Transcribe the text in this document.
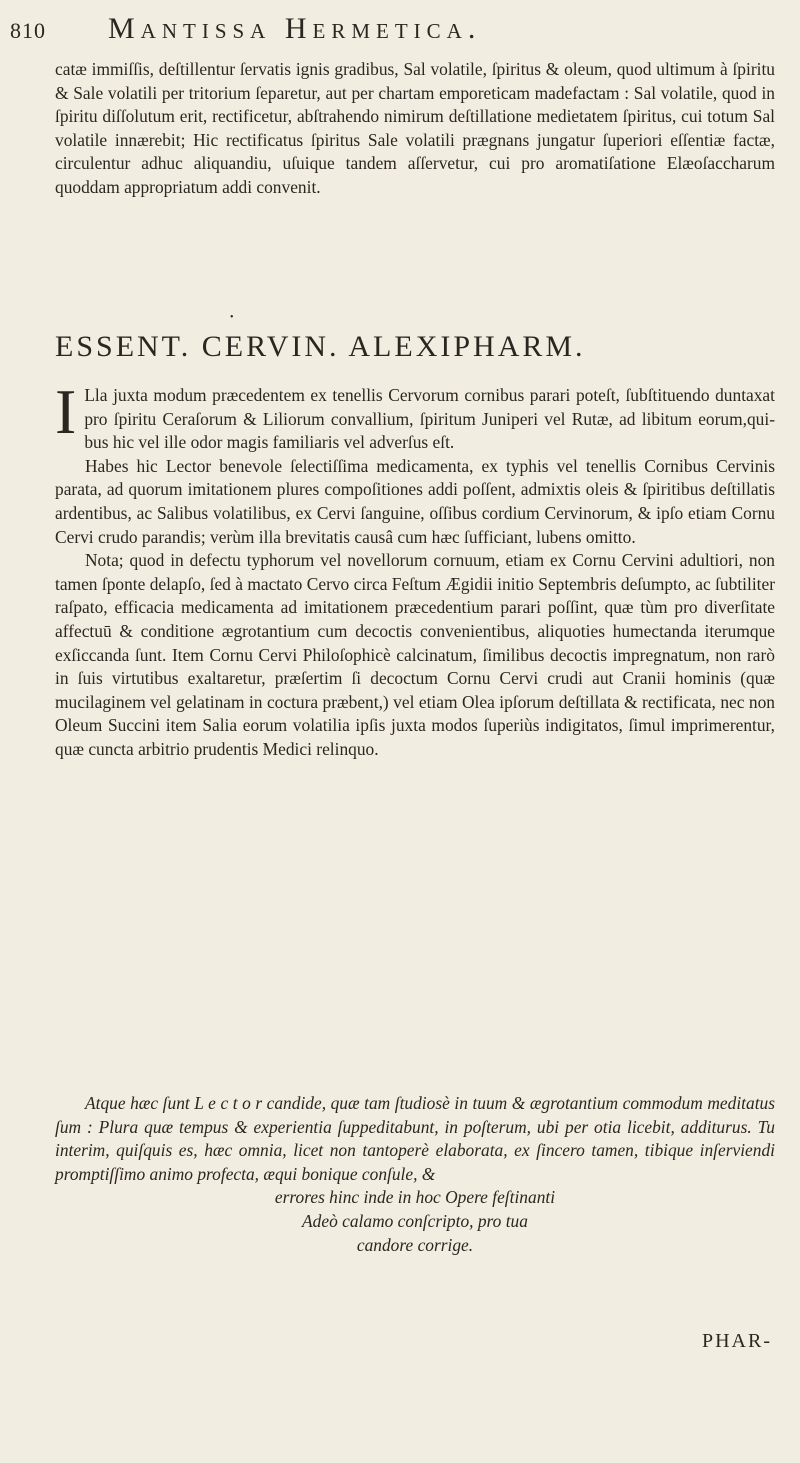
810 Mantissa Hermetica.

catæ immiſſis, deſtillentur ſervatis ignis gradibus, Sal volatile, ſpiritus & oleum, quod ultimum à ſpiritu & Sale volatili per tritorium ſeparetur, aut per chartam emporeticam madefactam : Sal volatile, quod in ſpiritu diſſolutum erit, rectificetur, abſtrahendo nimirum deſtillatione medietatem ſpiritus, cui totum Sal volatile innærebit; Hic rectificatus ſpiritus Sale volatili prægnans jungatur ſuperiori eſſentiæ factæ, circulentur adhuc aliquandiu, uſuique tandem aſſervetur, cui pro aromatiſatione Elæoſaccharum quoddam appropriatum addi convenit.

•
ESSENT. CERVIN. ALEXIPHARM.

I Lla juxta modum præcedentem ex tenellis Cervorum cornibus parari poteſt, ſubſtituendo duntaxat pro ſpiritu Ceraſorum & Liliorum convallium, ſpiritum Juniperi vel Rutæ, ad libitum eorum,qui-bus hic vel ille odor magis familiaris vel adverſus eſt.

Habes hic Lector benevole ſelectiſſima medicamenta, ex typhis vel tenellis Cornibus Cervinis parata, ad quorum imitationem plures compoſitiones addi poſſent, admixtis oleis & ſpiritibus deſtillatis ardentibus, ac Salibus volatilibus, ex Cervi ſanguine, oſſibus cordium Cervinorum, & ipſo etiam Cornu Cervi crudo parandis; verùm illa brevitatis causâ cum hæc ſufficiant, lubens omitto.

Nota; quod in defectu typhorum vel novellorum cornuum, etiam ex Cornu Cervini adultiori, non tamen ſponte delapſo, ſed à mactato Cervo circa Feſtum Ægidii initio Septembris deſumpto, ac ſubtiliter raſpato, efficacia medicamenta ad imitationem præcedentium parari poſſint, quæ tùm pro diverſitate affectuū & conditione ægrotantium cum decoctis convenientibus, aliquoties humectanda iterumque exſiccanda ſunt. Item Cornu Cervi Philoſophicè calcinatum, ſimilibus decoctis impregnatum, non rarò in ſuis virtutibus exaltaretur, præſertim ſi decoctum Cornu Cervi crudi aut Cranii hominis (quæ mucilaginem vel gelatinam in coctura præbent,) vel etiam Olea ipſorum deſtillata & rectificata, nec non Oleum Succini item Salia eorum volatilia ipſis juxta modos ſuperiùs indigitatos, ſimul imprimerentur, quæ cuncta arbitrio prudentis Medici relinquo.

Atque hæc ſunt L e c t o r candide, quæ tam ſtudiosè in tuum & ægrotantium commodum meditatus ſum : Plura quæ tempus & experientia ſuppeditabunt, in poſterum, ubi per otia licebit, additurus. Tu interim, quiſquis es, hæc omnia, licet non tantoperè elaborata, ex ſincero tamen, tibique inſerviendi promptiſſimo animo profecta, æqui bonique conſule, &

errores hinc inde in hoc Opere feſtinanti

Adeò calamo conſcripto, pro tua

candore corrige.

PHAR-
